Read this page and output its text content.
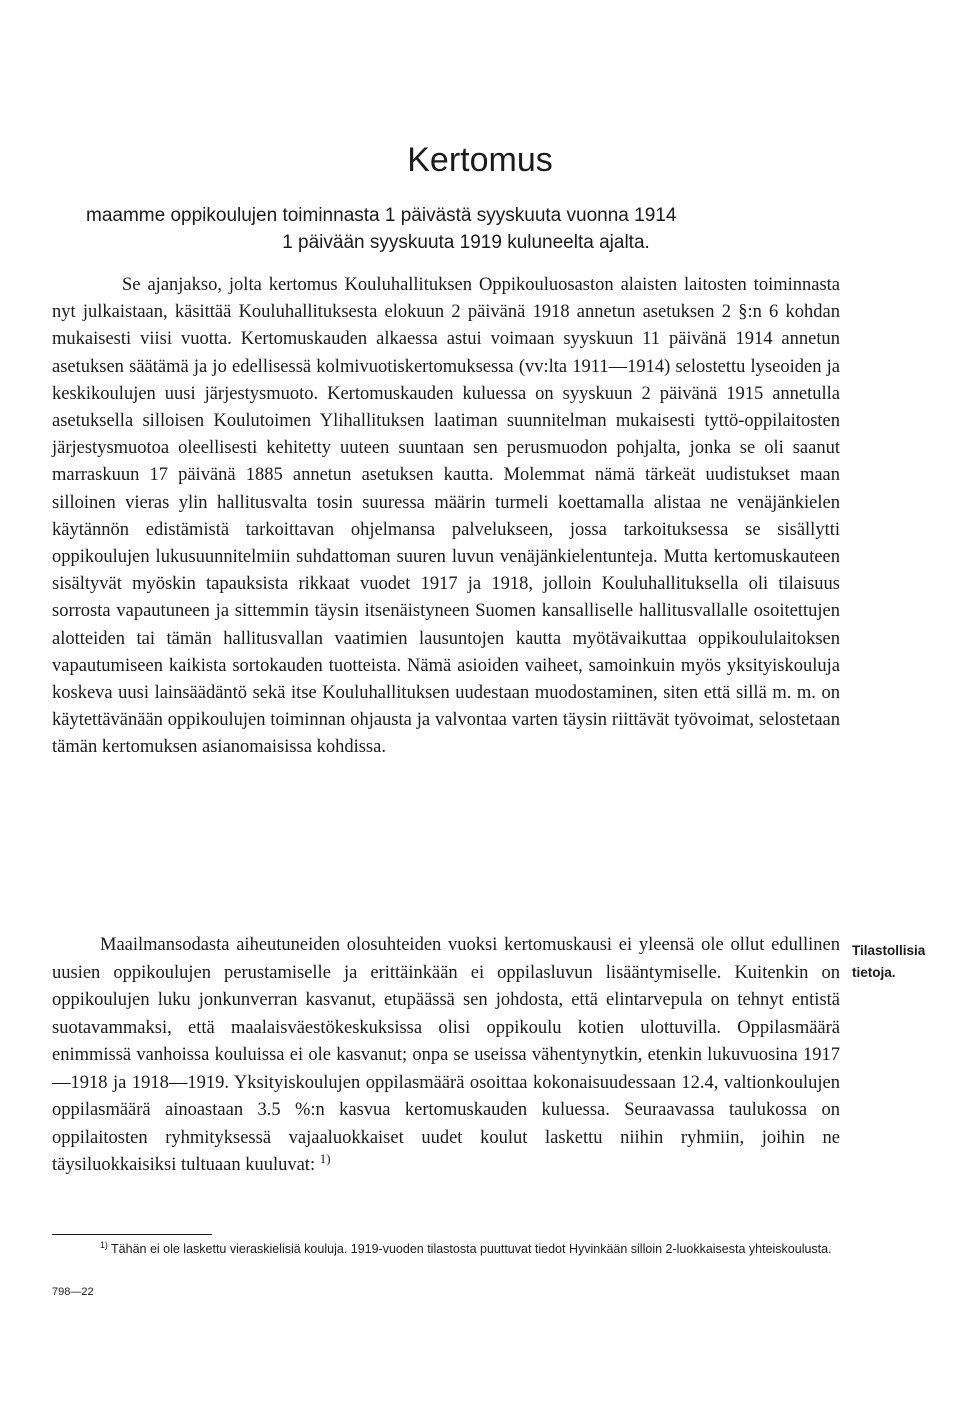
Kertomus
maamme oppikoulujen toiminnasta 1 päivästä syyskuuta vuonna 1914
1 päivään syyskuuta 1919 kuluneelta ajalta.

Se ajanjakso, jolta kertomus Kouluhallituksen Oppikouluosaston alaisten laitosten toiminnasta nyt julkaistaan, käsittää Kouluhallituksesta elokuun 2 päivänä 1918 annetun asetuksen 2 §:n 6 kohdan mukaisesti viisi vuotta. Kertomuskauden alkaessa astui voimaan syyskuun 11 päivänä 1914 annetun asetuksen säätämä ja jo edellisessä kolmivuotiskertomuksessa (vv:lta 1911—1914) selostettu lyseoiden ja keskikoulujen uusi järjestysmuoto. Kertomuskauden kuluessa on syyskuun 2 päivänä 1915 annetulla asetuksella silloisen Koulutoimen Ylihallituksen laatiman suunnitelman mukaisesti tyttö-oppilaitosten järjestysmuotoa oleellisesti kehitetty uuteen suuntaan sen perusmuodon pohjalta, jonka se oli saanut marraskuun 17 päivänä 1885 annetun asetuksen kautta. Molemmat nämä tärkeät uudistukset maan silloinen vieras ylin hallitusvalta tosin suuressa määrin turmeli koettamalla alistaa ne venäjänkielen käytännön edistämistä tarkoittavan ohjelmansa palvelukseen, jossa tarkoituksessa se sisällytti oppikoulujen lukusuunnitelmiin suhdattoman suuren luvun venäjänkielentunteja. Mutta kertomuskauteen sisältyvät myöskin tapauksista rikkaat vuodet 1917 ja 1918, jolloin Kouluhallituksella oli tilaisuus sorrosta vapautuneen ja sittemmin täysin itsenäistyneen Suomen kansalliselle hallitusvallalle osoitettujen alotteiden tai tämän hallitusvallan vaatimien lausuntojen kautta myötävaikuttaa oppikoululaitoksen vapautumiseen kaikista sortokauden tuotteista. Nämä asioiden vaiheet, samoinkuin myös yksityiskouluja koskeva uusi lainsäädäntö sekä itse Kouluhallituksen uudestaan muodostaminen, siten että sillä m. m. on käytettävänään oppikoulujen toiminnan ohjausta ja valvontaa varten täysin riittävät työvoimat, selostetaan tämän kertomuksen asianomaisissa kohdissa.

Maailmansodasta aiheutuneiden olosuhteiden vuoksi kertomuskausi ei yleensä ole ollut edullinen uusien oppikoulujen perustamiselle ja erittäinkään ei oppilasluvun lisääntymiselle. Kuitenkin on oppikoulujen luku jonkunverran kasvanut, etupäässä sen johdosta, että elintarvepula on tehnyt entistä suotavammaksi, että maalaisväestökeskuksissa olisi oppikoulu kotien ulottuvilla. Oppilasmäärä enimmissä vanhoissa kouluissa ei ole kasvanut; onpa se useissa vähentynytkin, etenkin lukuvuosina 1917—1918 ja 1918—1919. Yksityiskoulujen oppilasmäärä osoittaa kokonaisuudessaan 12.4, valtionkoulujen oppilasmäärä ainoastaan 3.5 %:n kasvua kertomuskauden kuluessa. Seuraavassa taulukossa on oppilaitosten ryhmityksessä vajaaluokkaiset uudet koulut laskettu niihin ryhmiin, joihin ne täysiluokkaisiksi tultuaan kuuluvat: $^{1)}$

Tilastollisia tietoja.

$^{1)}$ Tähän ei ole laskettu vieraskielisiä kouluja. 1919-vuoden tilastosta puuttuvat tiedot Hyvinkään silloin 2-luokkaisesta yhteiskoulusta.

798—22
